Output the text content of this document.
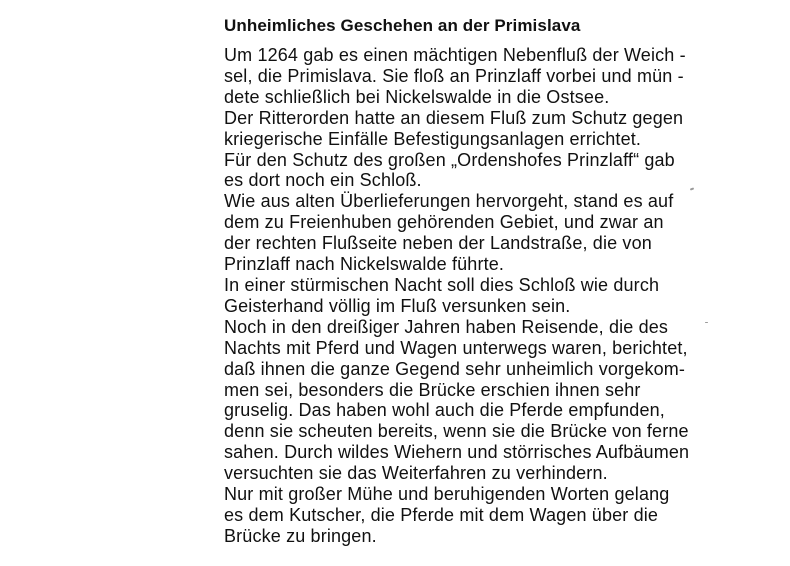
Unheimliches Geschehen an der Primislava
Um 1264 gab es einen mächtigen Nebenfluß der Weich -
sel, die Primislava. Sie floß an Prinzlaff vorbei und mün -
dete schließlich bei Nickelswalde in die Ostsee.
Der Ritterorden hatte an diesem Fluß zum Schutz gegen
kriegerische Einfälle Befestigungsanlagen errichtet.
Für den Schutz des großen „Ordenshofes Prinzlaff“ gab
es dort noch ein Schloß.
Wie aus alten Überlieferungen hervorgeht, stand es auf
dem zu Freienhuben gehörenden Gebiet, und zwar an
der rechten Flußseite neben der Landstraße, die von
Prinzlaff nach Nickelswalde führte.
In einer stürmischen Nacht soll dies Schloß wie durch
Geisterhand völlig im Fluß versunken sein.
Noch in den dreißiger Jahren haben Reisende, die des
Nachts mit Pferd und Wagen unterwegs waren, berichtet,
daß ihnen die ganze Gegend sehr unheimlich vorgekom-
men sei, besonders die Brücke erschien ihnen sehr
gruselig. Das haben wohl auch die Pferde empfunden,
denn sie scheuten bereits, wenn sie die Brücke von ferne
sahen. Durch wildes Wiehern und störrisches Aufbäumen
versuchten sie das Weiterfahren zu verhindern.
Nur mit großer Mühe und beruhigenden Worten gelang
es dem Kutscher, die Pferde mit dem Wagen über die
Brücke zu bringen.
